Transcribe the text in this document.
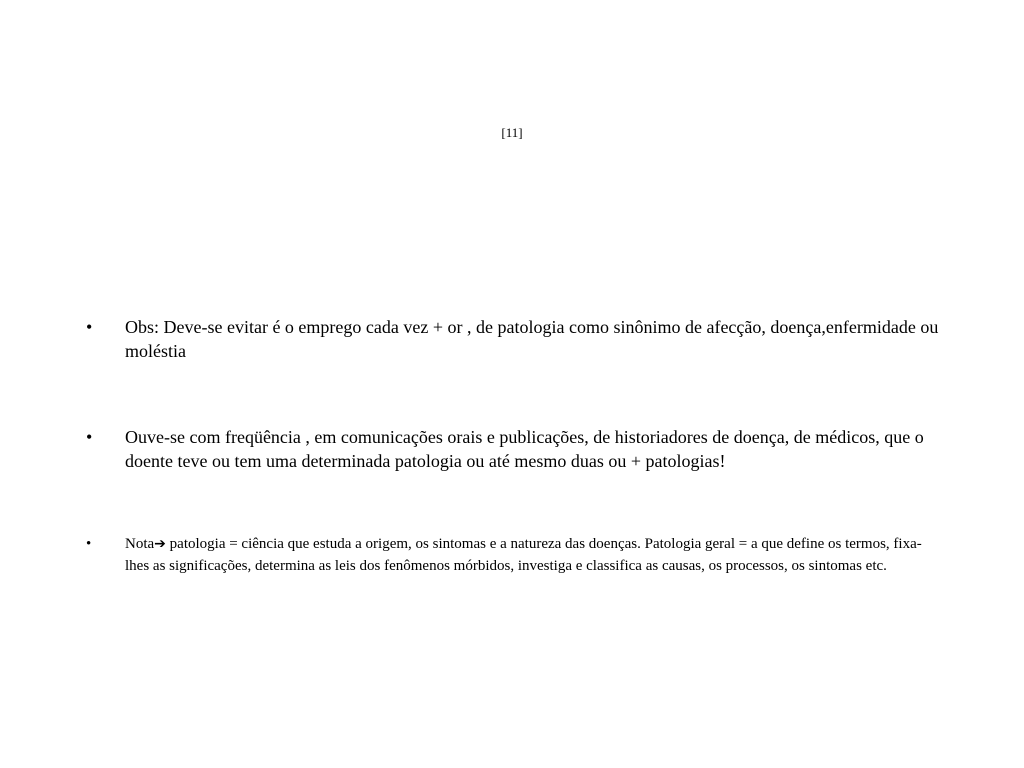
[11]
•	Obs: Deve-se evitar é o emprego cada vez + or , de patologia como sinônimo de afecção, doença,enfermidade ou moléstia
•	Ouve-se com freqüência , em comunicações orais e publicações, de historiadores de doença, de médicos, que o doente teve ou tem uma determinada patologia ou até mesmo duas ou + patologias!
•	Nota➔ patologia = ciência que estuda a origem, os sintomas e a natureza das doenças. Patologia geral = a que define os termos, fixa-lhes as significações, determina as leis dos fenômenos mórbidos, investiga e classifica as causas, os processos, os sintomas etc.
